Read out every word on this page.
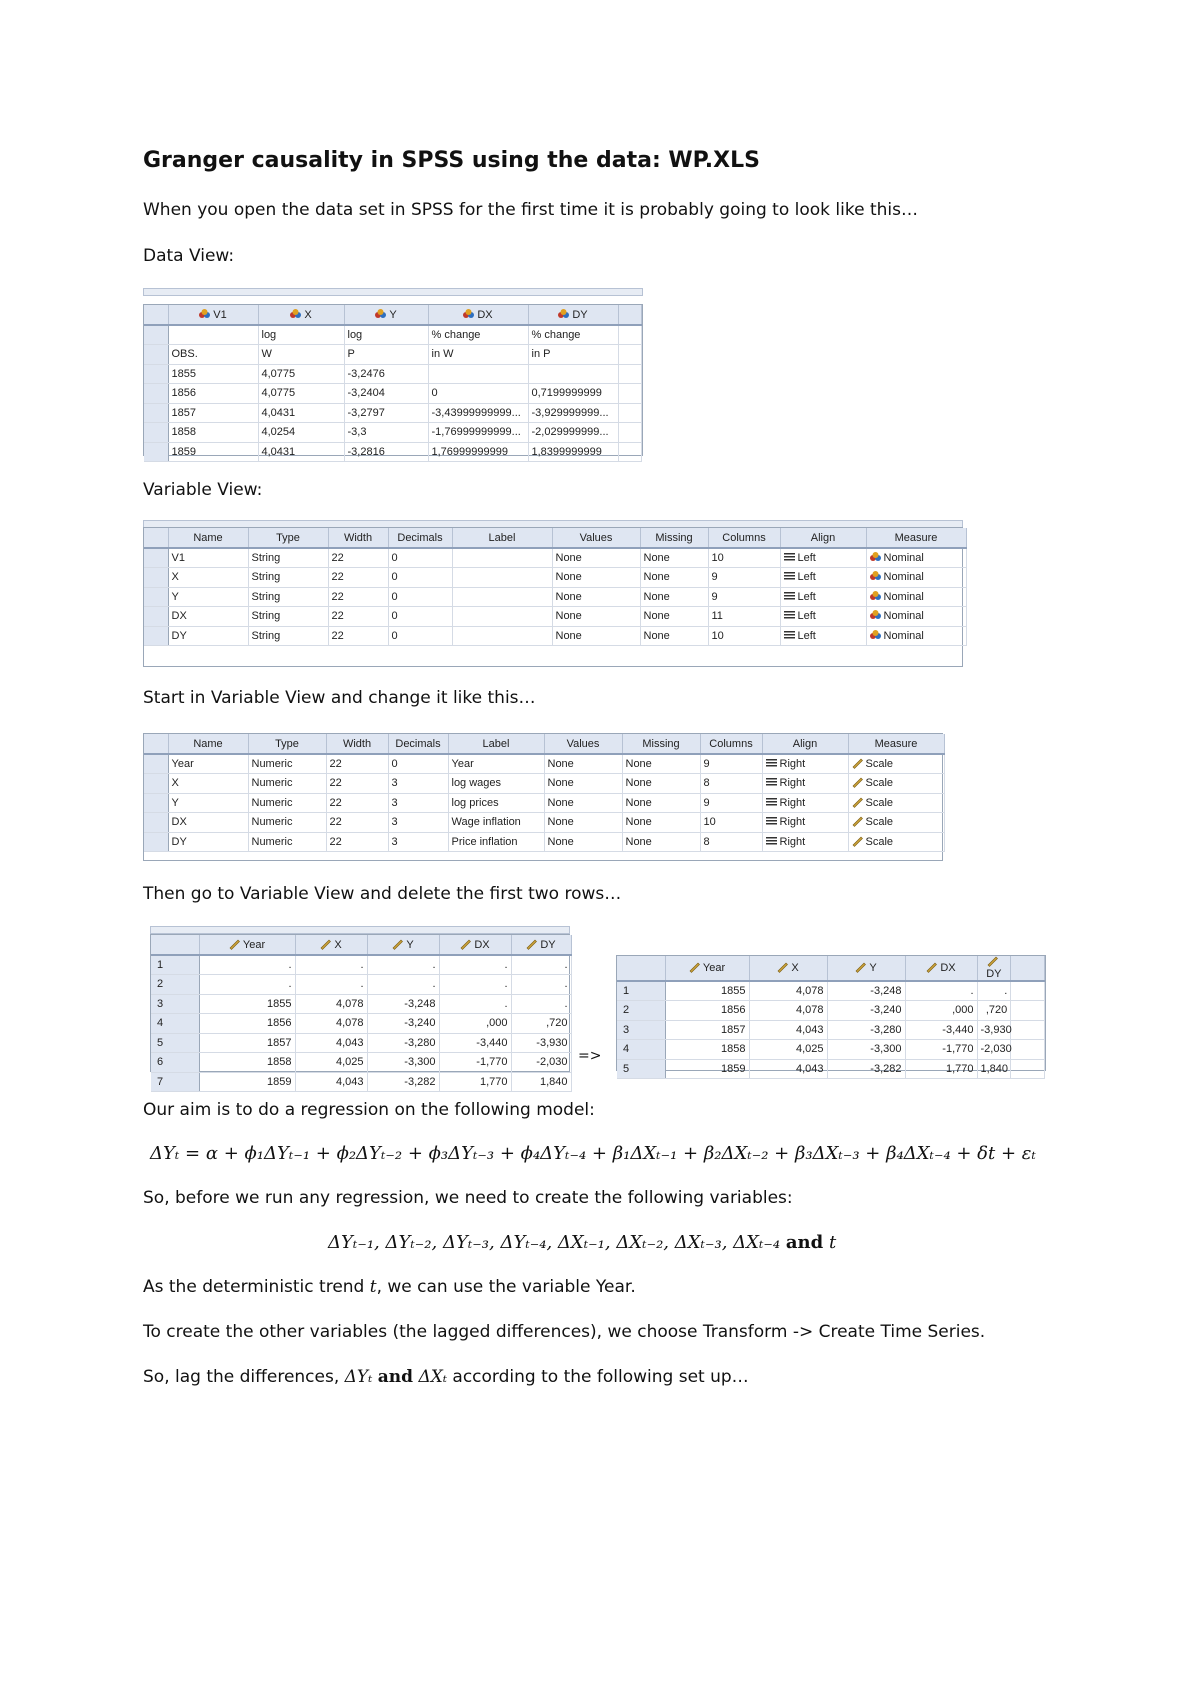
Granger causality in SPSS using the data: WP.XLS
When you open the data set in SPSS for the first time it is probably going to look like this…
Data View:
	V1	X	Y	DX	DY	
		log	log	% change	% change	
	OBS.	W	P	in W	in P	
	1855	4,0775	-3,2476			
	1856	4,0775	-3,2404	0	0,7199999999	
	1857	4,0431	-3,2797	-3,43999999999...	-3,929999999...	
	1858	4,0254	-3,3	-1,76999999999...	-2,029999999...	
	1859	4,0431	-3,2816	1,76999999999	1,8399999999	
Variable View:
	Name	Type	Width	Decimals	Label	Values	Missing	Columns	Align	Measure	
	V1	String	22	0		None	None	10	Left	Nominal	
	X	String	22	0		None	None	9	Left	Nominal	
	Y	String	22	0		None	None	9	Left	Nominal	
	DX	String	22	0		None	None	11	Left	Nominal	
	DY	String	22	0		None	None	10	Left	Nominal	
Start in Variable View and change it like this…
	Name	Type	Width	Decimals	Label	Values	Missing	Columns	Align	Measure	
	Year	Numeric	22	0	Year	None	None	9	Right	Scale	
	X	Numeric	22	3	log wages	None	None	8	Right	Scale	
	Y	Numeric	22	3	log prices	None	None	9	Right	Scale	
	DX	Numeric	22	3	Wage inflation	None	None	10	Right	Scale	
	DY	Numeric	22	3	Price inflation	None	None	8	Right	Scale	
Then go to Variable View and delete the first two rows…
	Year	X	Y	DX	DY	
1	.	.	.	.	.	
2	.	.	.	.	.	
3	1855	4,078	-3,248	.	.	
4	1856	4,078	-3,240	,000	,720	
5	1857	4,043	-3,280	-3,440	-3,930	
6	1858	4,025	-3,300	-1,770	-2,030	
7	1859	4,043	-3,282	1,770	1,840	
=>
	Year	X	Y	DX	DY	
1	1855	4,078	-3,248	.	.	
2	1856	4,078	-3,240	,000	,720	
3	1857	4,043	-3,280	-3,440	-3,930	
4	1858	4,025	-3,300	-1,770	-2,030	
5	1859	4,043	-3,282	1,770	1,840	
Our aim is to do a regression on the following model:
ΔYₜ = α + ϕ₁ΔYₜ₋₁ + ϕ₂ΔYₜ₋₂ + ϕ₃ΔYₜ₋₃ + ϕ₄ΔYₜ₋₄ + β₁ΔXₜ₋₁ + β₂ΔXₜ₋₂ + β₃ΔXₜ₋₃ + β₄ΔXₜ₋₄ + δt + εₜ
So, before we run any regression, we need to create the following variables:
ΔYₜ₋₁, ΔYₜ₋₂, ΔYₜ₋₃, ΔYₜ₋₄, ΔXₜ₋₁, ΔXₜ₋₂, ΔXₜ₋₃, ΔXₜ₋₄ and t
As the deterministic trend t, we can use the variable Year.
To create the other variables (the lagged differences), we choose Transform -> Create Time Series.
So, lag the differences, ΔYₜ and ΔXₜ according to the following set up…
